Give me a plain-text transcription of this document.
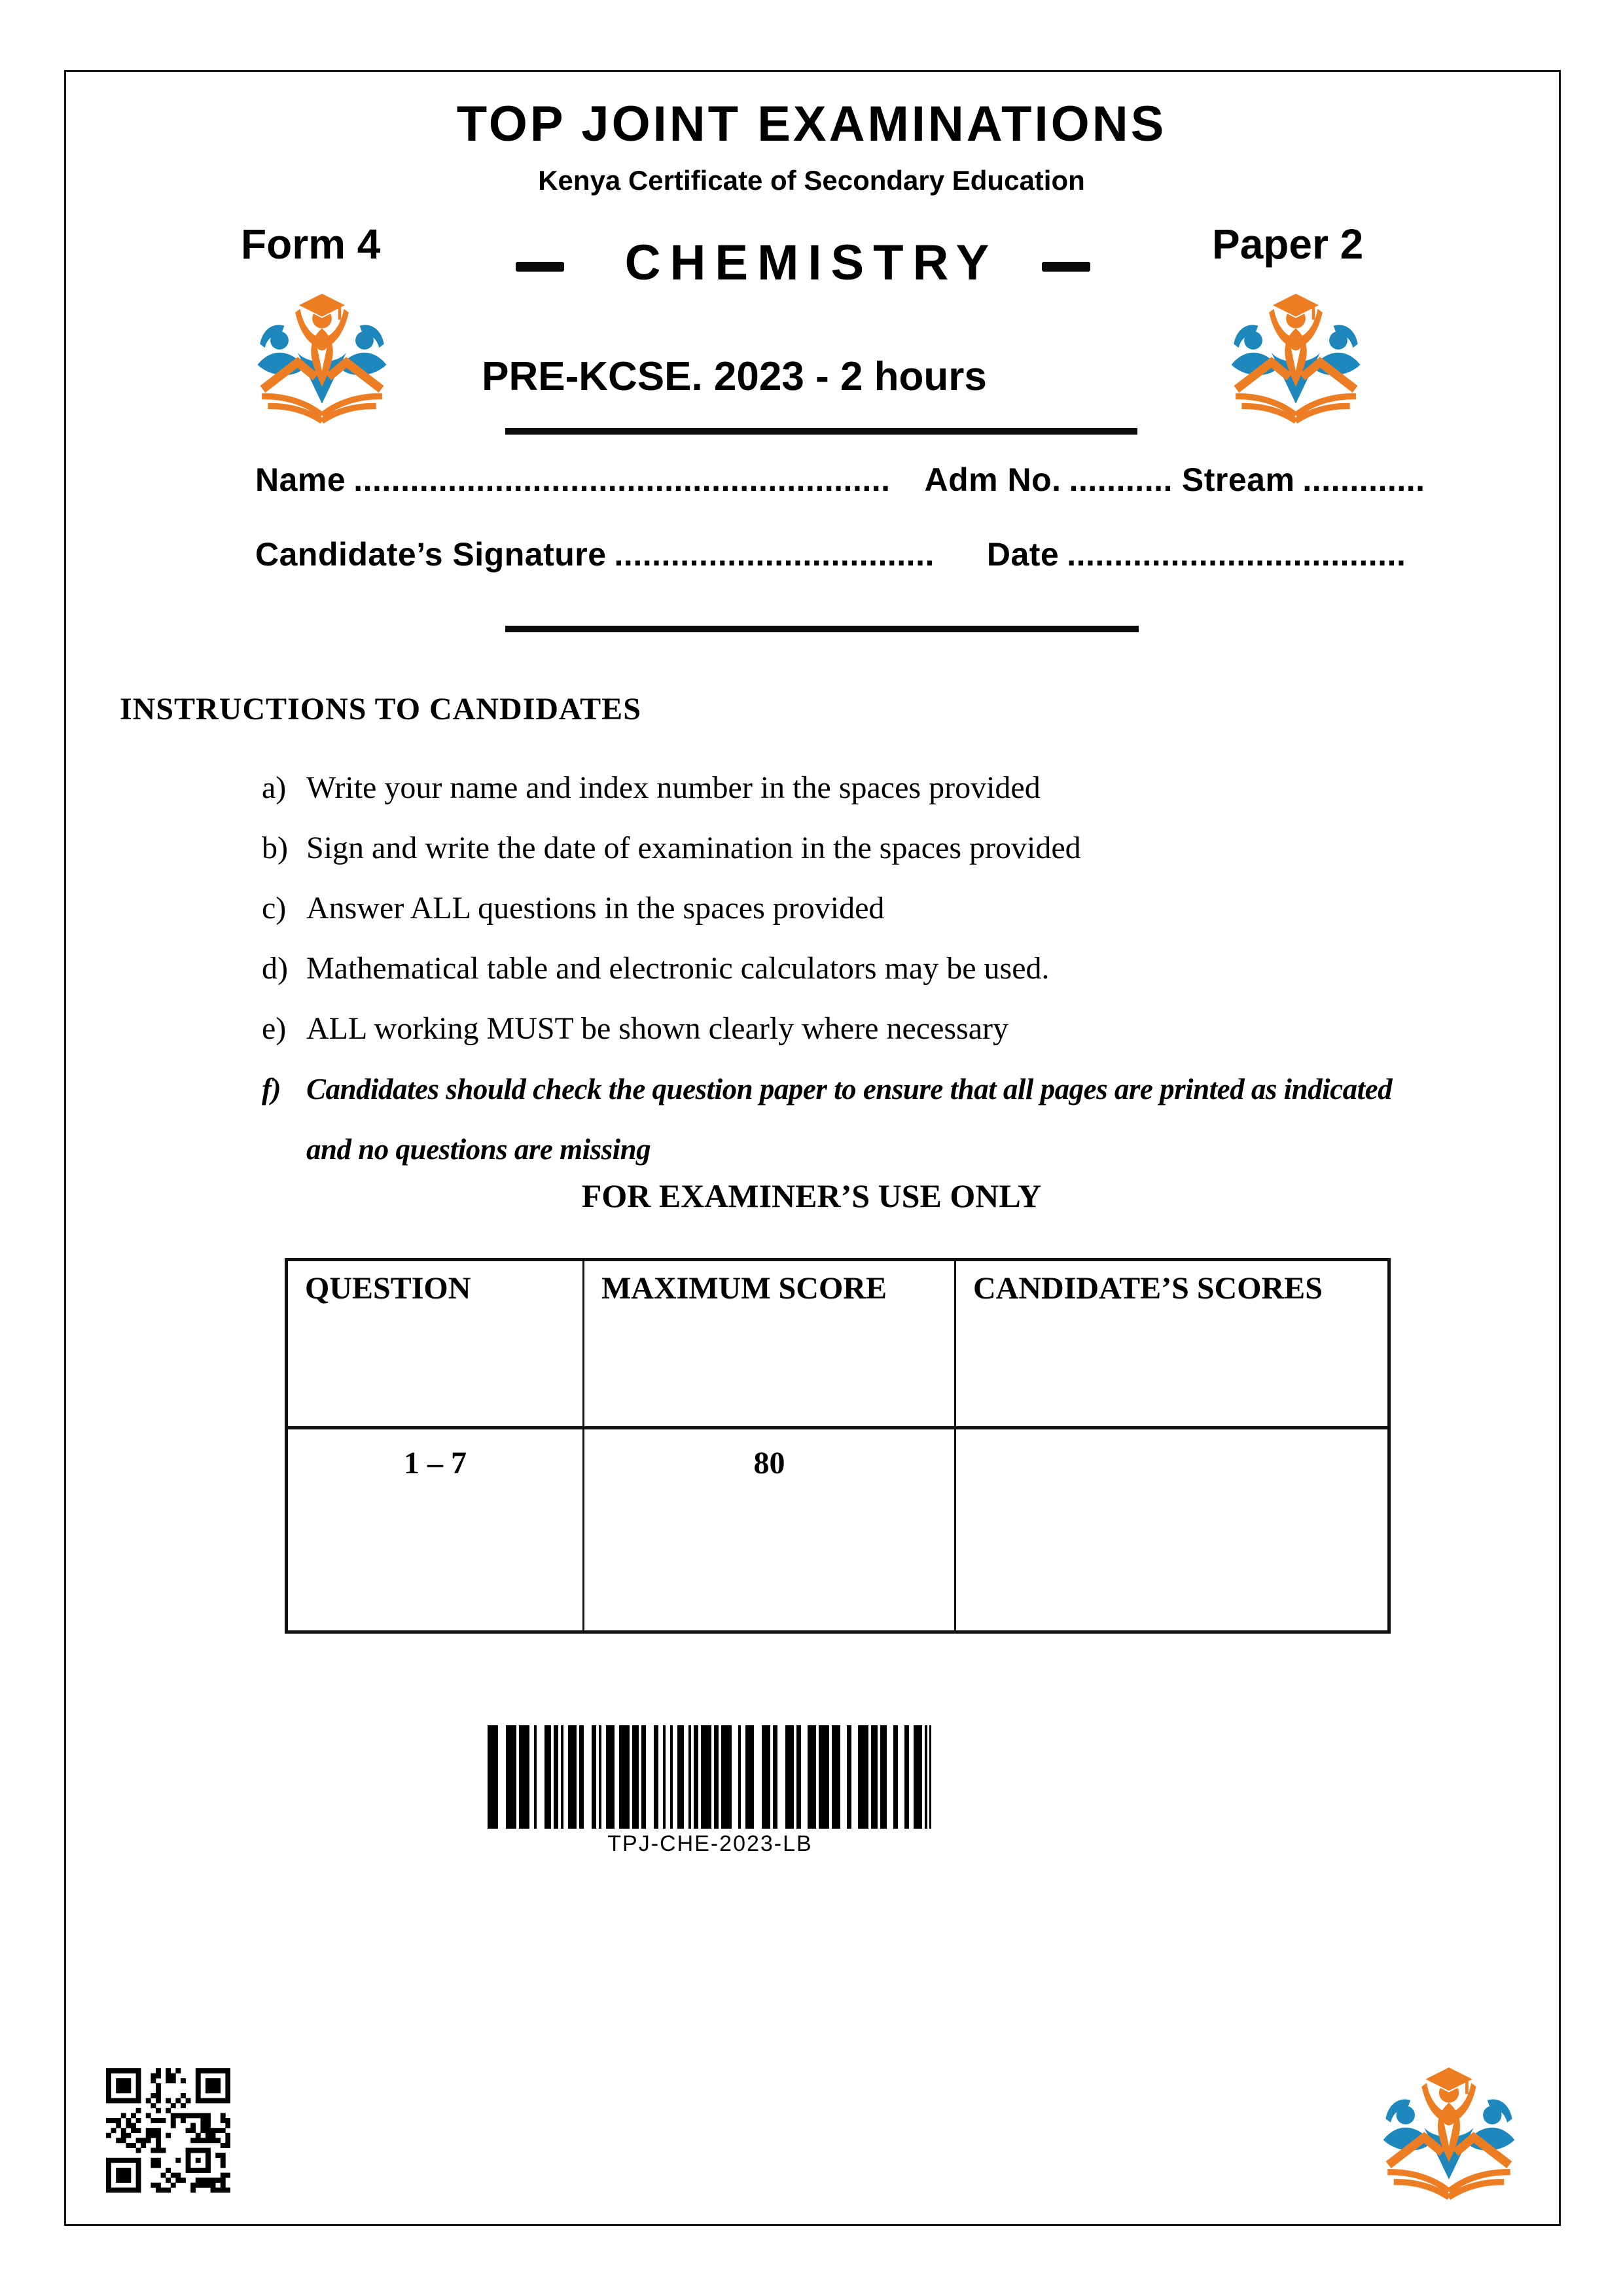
TOP JOINT EXAMINATIONS
Kenya Certificate of Secondary Education
Form 4	CHEMISTRY	Paper 2
PRE-KCSE. 2023 - 2 hours
Name ......................................................... Adm No. ........... Stream .............
Candidate’s Signature .................................. Date ....................................
INSTRUCTIONS TO CANDIDATES
a) Write your name and index number in the spaces provided
b) Sign and write the date of examination in the spaces provided
c) Answer ALL questions in the spaces provided
d) Mathematical table and electronic calculators may be used.
e) ALL working MUST be shown clearly where necessary
f) Candidates should check the question paper to ensure that all pages are printed as indicated and no questions are missing
FOR EXAMINER’S USE ONLY
QUESTION	MAXIMUM SCORE	CANDIDATE’S SCORES
1 – 7	80	
TPJ-CHE-2023-LB
